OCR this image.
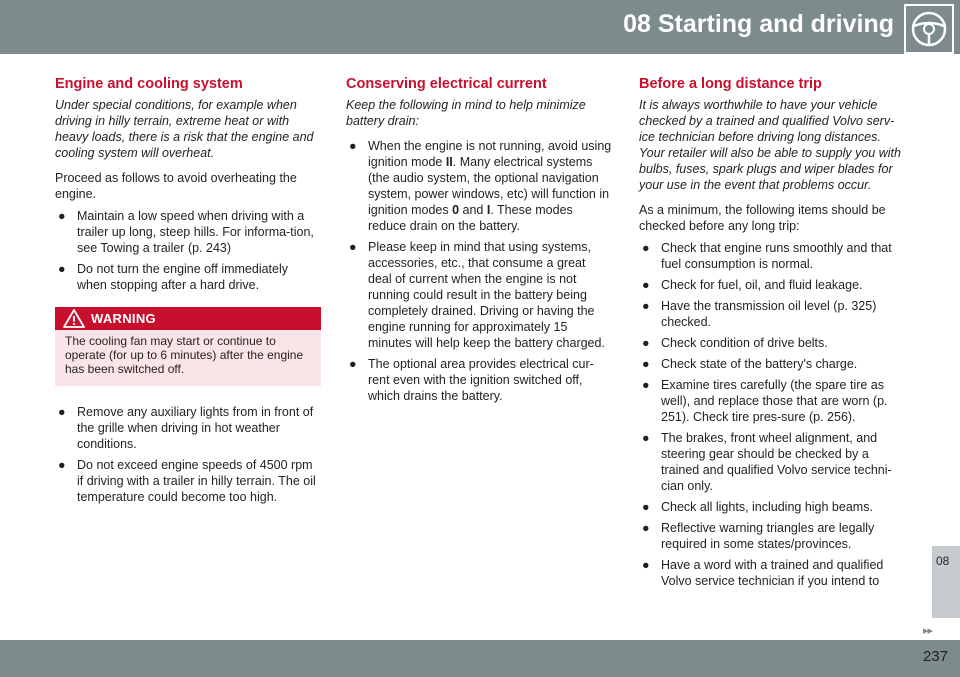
08 Starting and driving
Engine and cooling system
Under special conditions, for example when driving in hilly terrain, extreme heat or with heavy loads, there is a risk that the engine and cooling system will overheat.
Proceed as follows to avoid overheating the engine.
● Maintain a low speed when driving with a trailer up long, steep hills. For informa-tion, see Towing a trailer (p. 243)
● Do not turn the engine off immediately when stopping after a hard drive.
WARNING
The cooling fan may start or continue to operate (for up to 6 minutes) after the engine has been switched off.
● Remove any auxiliary lights from in front of the grille when driving in hot weather conditions.
● Do not exceed engine speeds of 4500 rpm if driving with a trailer in hilly terrain. The oil temperature could become too high.
Conserving electrical current
Keep the following in mind to help minimize battery drain:
● When the engine is not running, avoid using ignition mode II. Many electrical systems (the audio system, the optional navigation system, power windows, etc) will function in ignition modes 0 and I. These modes reduce drain on the battery.
● Please keep in mind that using systems, accessories, etc., that consume a great deal of current when the engine is not running could result in the battery being completely drained. Driving or having the engine running for approximately 15 minutes will help keep the battery charged.
● The optional area provides electrical cur-rent even with the ignition switched off, which drains the battery.
Before a long distance trip
It is always worthwhile to have your vehicle checked by a trained and qualified Volvo serv-ice technician before driving long distances. Your retailer will also be able to supply you with bulbs, fuses, spark plugs and wiper blades for your use in the event that problems occur.
As a minimum, the following items should be checked before any long trip:
● Check that engine runs smoothly and that fuel consumption is normal.
● Check for fuel, oil, and fluid leakage.
● Have the transmission oil level (p. 325) checked.
● Check condition of drive belts.
● Check state of the battery's charge.
● Examine tires carefully (the spare tire as well), and replace those that are worn (p. 251). Check tire pres-sure (p. 256).
● The brakes, front wheel alignment, and steering gear should be checked by a trained and qualified Volvo service techni-cian only.
● Check all lights, including high beams.
● Reflective warning triangles are legally required in some states/provinces.
● Have a word with a trained and qualified Volvo service technician if you intend to
08
▸▸
237
